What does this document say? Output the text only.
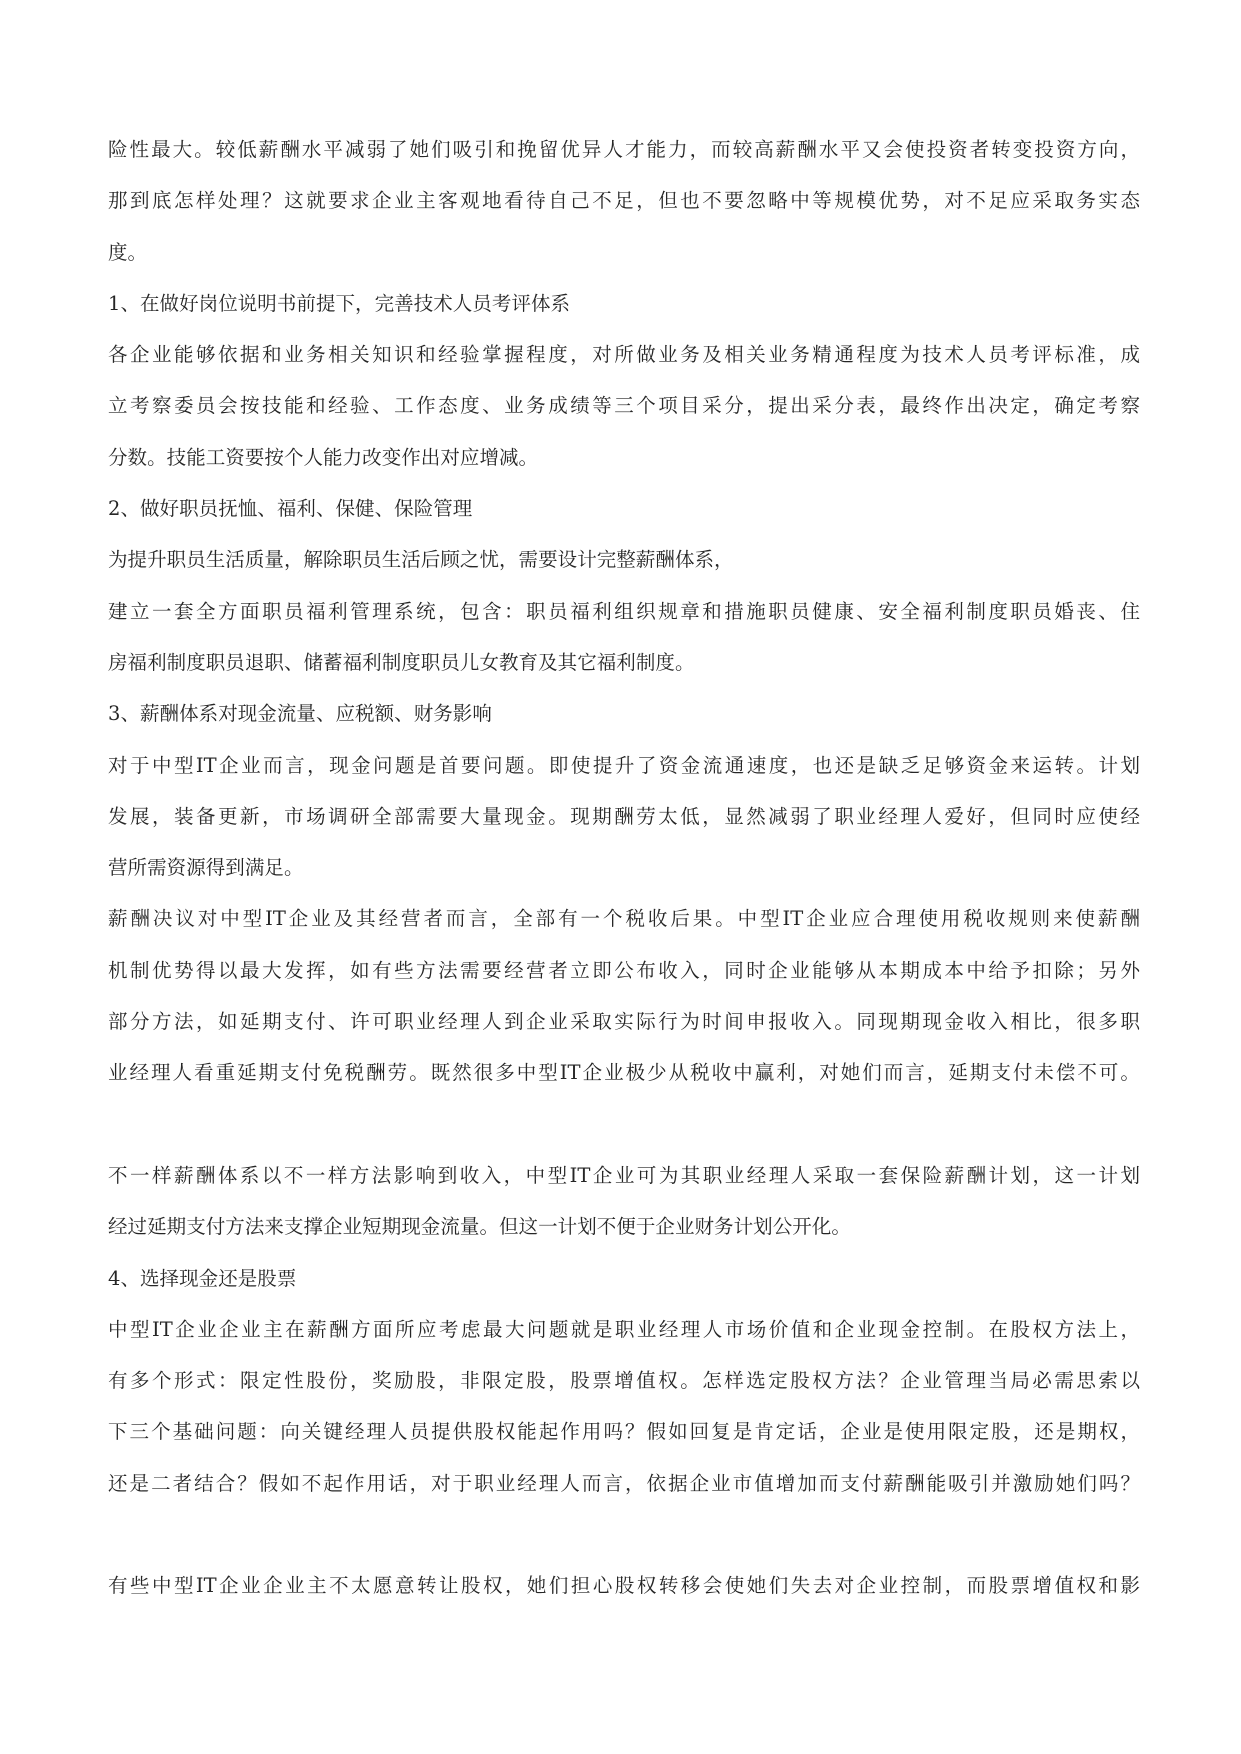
险性最大。较低薪酬水平减弱了她们吸引和挽留优异人才能力，而较高薪酬水平又会使投资者转变投资方向，
那到底怎样处理？这就要求企业主客观地看待自己不足，但也不要忽略中等规模优势，对不足应采取务实态
度。
1、在做好岗位说明书前提下，完善技术人员考评体系
各企业能够依据和业务相关知识和经验掌握程度，对所做业务及相关业务精通程度为技术人员考评标准，成
立考察委员会按技能和经验、工作态度、业务成绩等三个项目采分，提出采分表，最终作出决定，确定考察
分数。技能工资要按个人能力改变作出对应增减。
2、做好职员抚恤、福利、保健、保险管理
为提升职员生活质量，解除职员生活后顾之忧，需要设计完整薪酬体系，
建立一套全方面职员福利管理系统，包含：职员福利组织规章和措施职员健康、安全福利制度职员婚丧、住
房福利制度职员退职、储蓄福利制度职员儿女教育及其它福利制度。
3、薪酬体系对现金流量、应税额、财务影响
对于中型IT企业而言，现金问题是首要问题。即使提升了资金流通速度，也还是缺乏足够资金来运转。计划
发展，装备更新，市场调研全部需要大量现金。现期酬劳太低，显然减弱了职业经理人爱好，但同时应使经
营所需资源得到满足。
薪酬决议对中型IT企业及其经营者而言，全部有一个税收后果。中型IT企业应合理使用税收规则来使薪酬
机制优势得以最大发挥，如有些方法需要经营者立即公布收入，同时企业能够从本期成本中给予扣除；另外
部分方法，如延期支付、许可职业经理人到企业采取实际行为时间申报收入。同现期现金收入相比，很多职
业经理人看重延期支付免税酬劳。既然很多中型IT企业极少从税收中赢利，对她们而言，延期支付未偿不可。
不一样薪酬体系以不一样方法影响到收入，中型IT企业可为其职业经理人采取一套保险薪酬计划，这一计划
经过延期支付方法来支撑企业短期现金流量。但这一计划不便于企业财务计划公开化。
4、选择现金还是股票
中型IT企业企业主在薪酬方面所应考虑最大问题就是职业经理人市场价值和企业现金控制。在股权方法上，
有多个形式：限定性股份，奖励股，非限定股，股票增值权。怎样选定股权方法？企业管理当局必需思索以
下三个基础问题：向关键经理人员提供股权能起作用吗？假如回复是肯定话，企业是使用限定股，还是期权，
还是二者结合？假如不起作用话，对于职业经理人而言，依据企业市值增加而支付薪酬能吸引并激励她们吗？
有些中型IT企业企业主不太愿意转让股权，她们担心股权转移会使她们失去对企业控制，而股票增值权和影
